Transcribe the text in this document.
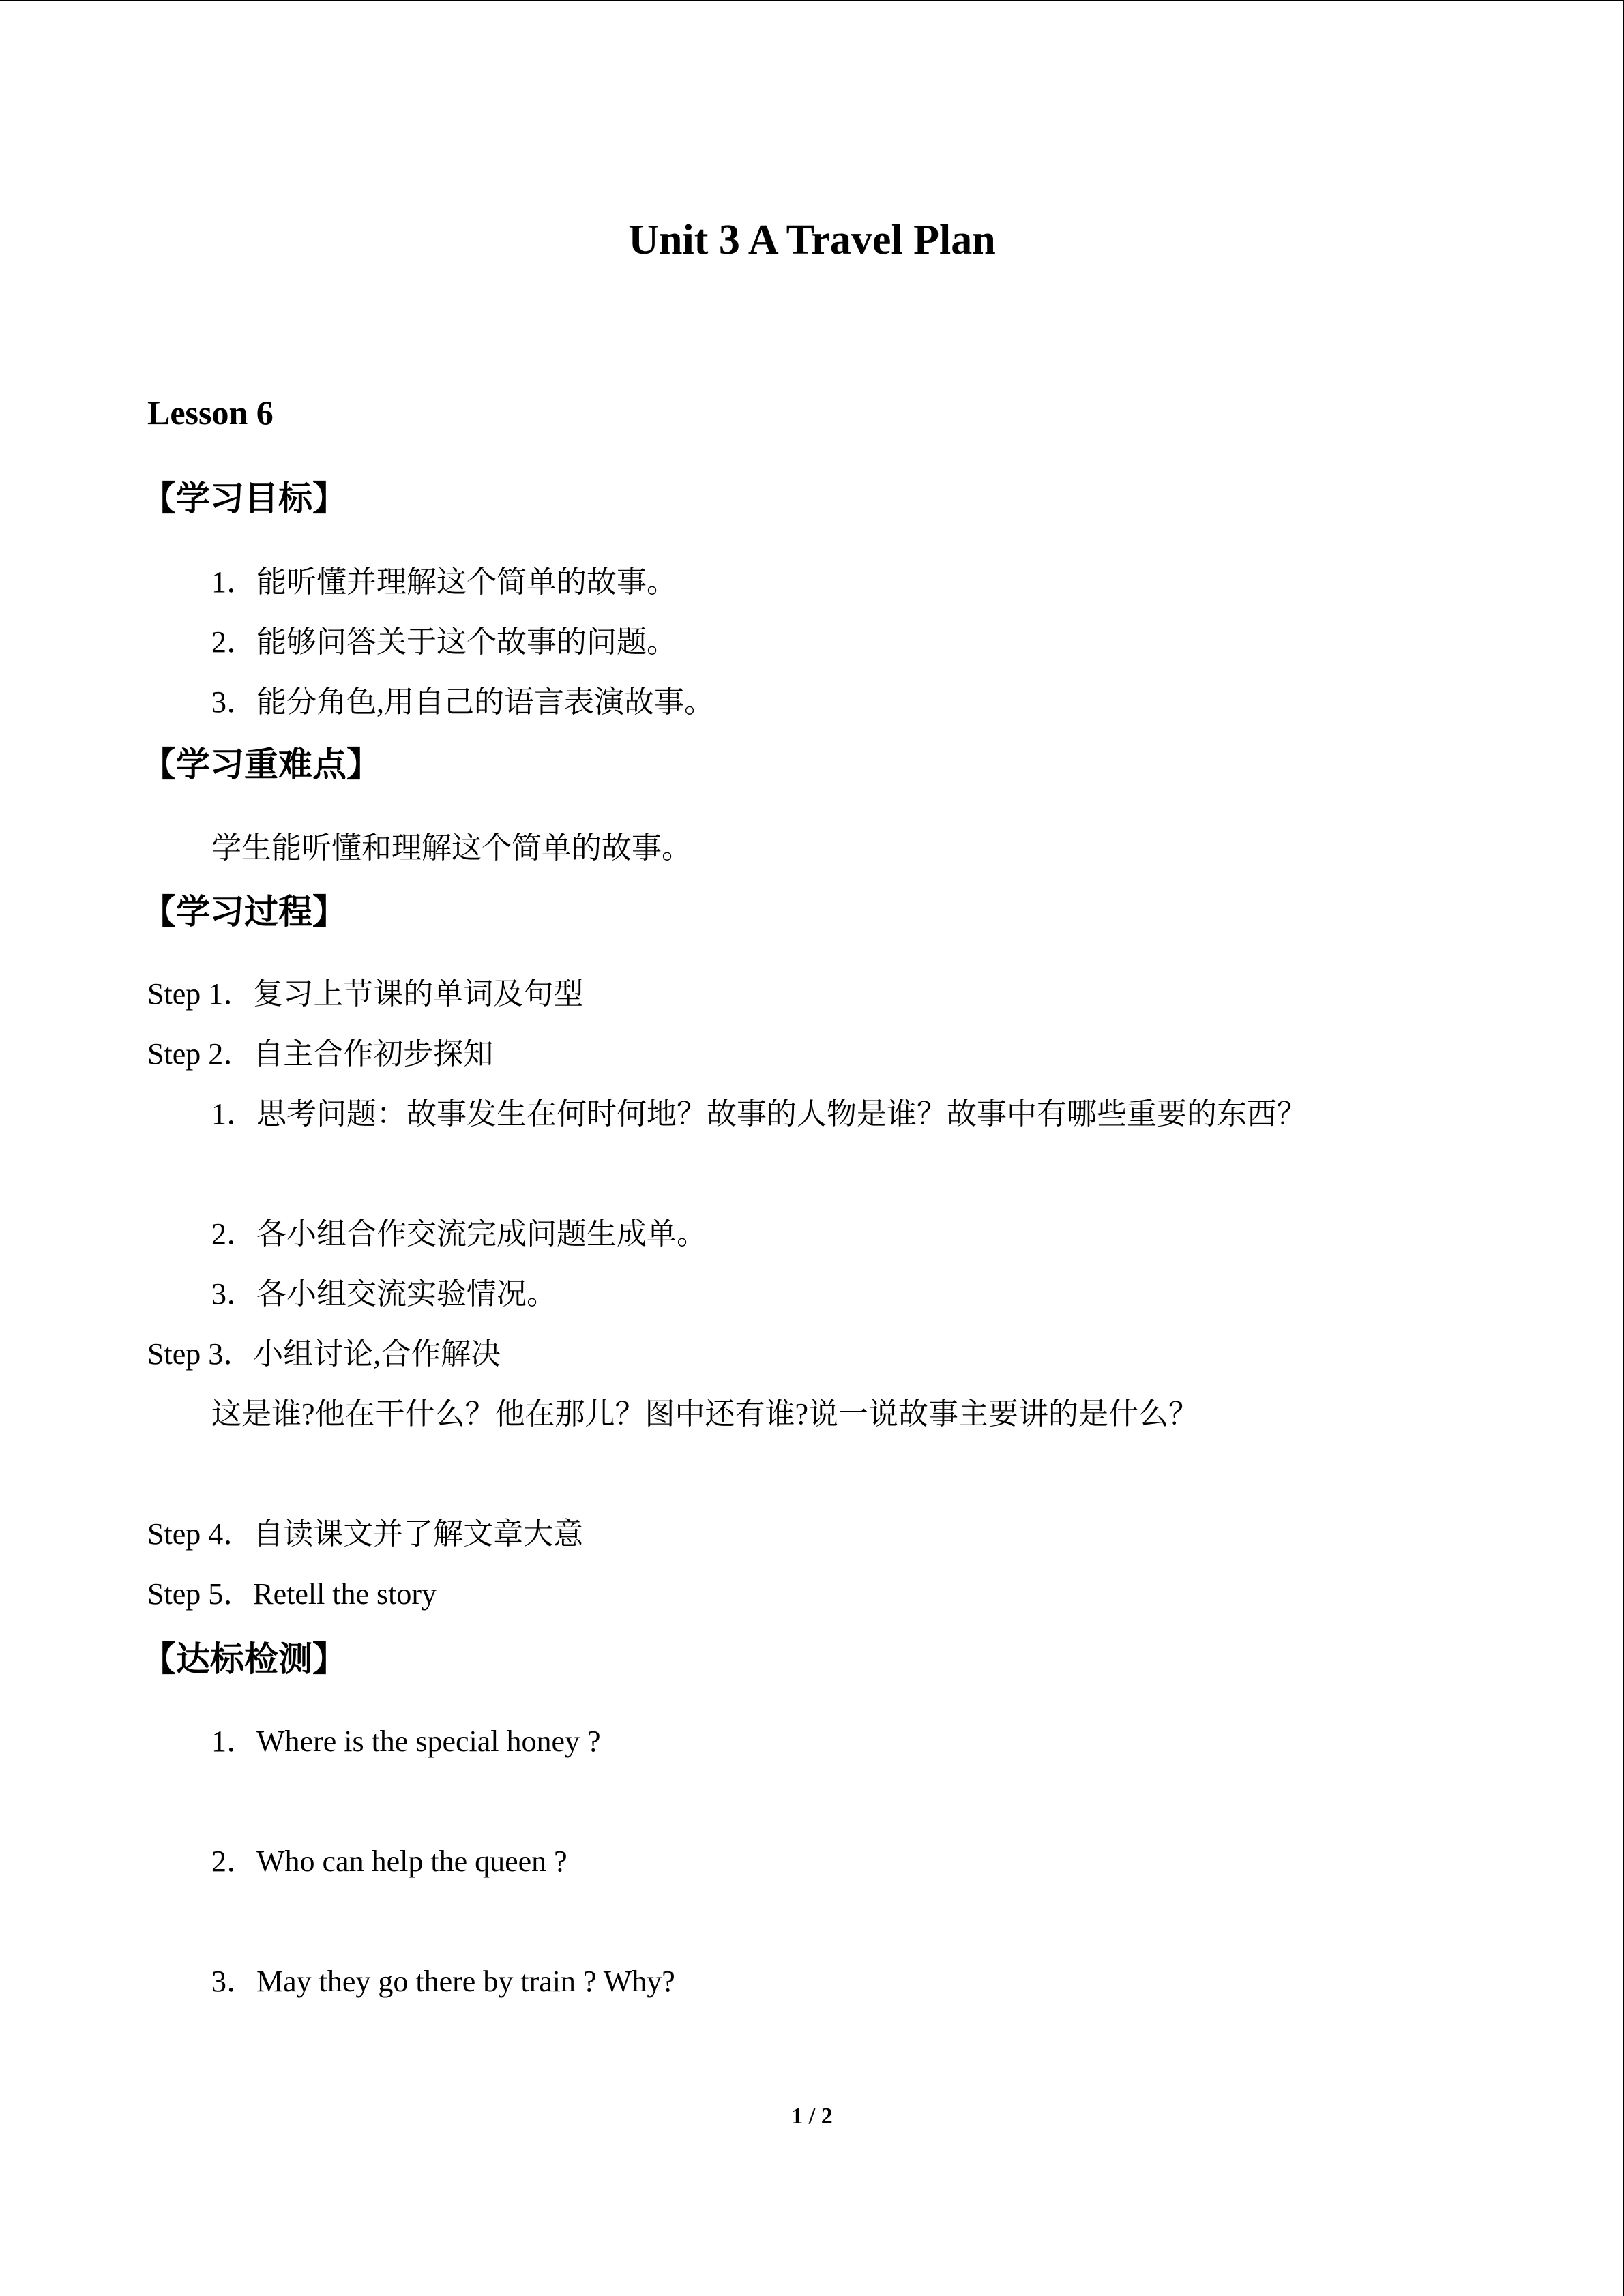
Unit 3 A Travel Plan
Lesson 6
【学习目标】
1．能听懂并理解这个简单的故事。
2．能够问答关于这个故事的问题。
3．能分角色,用自己的语言表演故事。
【学习重难点】
学生能听懂和理解这个简单的故事。
【学习过程】
Step 1．复习上节课的单词及句型
Step 2．自主合作初步探知
1．思考问题：故事发生在何时何地？故事的人物是谁？故事中有哪些重要的东西？
2．各小组合作交流完成问题生成单。
3．各小组交流实验情况。
Step 3．小组讨论,合作解决
这是谁?他在干什么？他在那儿？图中还有谁?说一说故事主要讲的是什么？
Step 4．自读课文并了解文章大意
Step 5．Retell the story
【达标检测】
1．Where is the special honey ?
2．Who can help the queen ?
3．May they go there by train ? Why?
1 / 2
